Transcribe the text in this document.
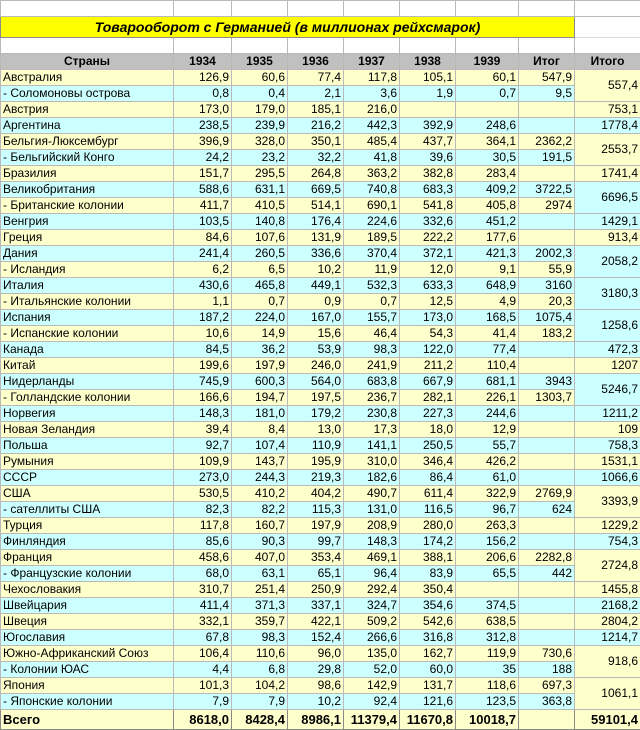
Товарооборот с Германией (в миллионах рейхсмарок)								

Страны	1934	1935	1936	1937	1938	1939	Итог	Итого
Австралия	126,9	60,6	77,4	117,8	105,1	60,1	547,9	557,4
- Соломоновы острова	0,8	0,4	2,1	3,6	1,9	0,7	9,5	
Австрия	173,0	179,0	185,1	216,0				753,1
Аргентина	238,5	239,9	216,2	442,3	392,9	248,6		1778,4
Бельгия-Люксембург	396,9	328,0	350,1	485,4	437,7	364,1	2362,2	2553,7
- Бельгийский Конго	24,2	23,2	32,2	41,8	39,6	30,5	191,5	
Бразилия	151,7	295,5	264,8	363,2	382,8	283,4		1741,4
Великобритания	588,6	631,1	669,5	740,8	683,3	409,2	3722,5	6696,5
- Британские колонии	411,7	410,5	514,1	690,1	541,8	405,8	2974	
Венгрия	103,5	140,8	176,4	224,6	332,6	451,2		1429,1
Греция	84,6	107,6	131,9	189,5	222,2	177,6		913,4
Дания	241,4	260,5	336,6	370,4	372,1	421,3	2002,3	2058,2
- Исландия	6,2	6,5	10,2	11,9	12,0	9,1	55,9	
Италия	430,6	465,8	449,1	532,3	633,3	648,9	3160	3180,3
- Итальянские колонии	1,1	0,7	0,9	0,7	12,5	4,9	20,3	
Испания	187,2	224,0	167,0	155,7	173,0	168,5	1075,4	1258,6
- Испанские колонии	10,6	14,9	15,6	46,4	54,3	41,4	183,2	
Канада	84,5	36,2	53,9	98,3	122,0	77,4		472,3
Китай	199,6	197,9	246,0	241,9	211,2	110,4		1207
Нидерланды	745,9	600,3	564,0	683,8	667,9	681,1	3943	5246,7
- Голландские колонии	166,6	194,7	197,5	236,7	282,1	226,1	1303,7	
Норвегия	148,3	181,0	179,2	230,8	227,3	244,6		1211,2
Новая Зеландия	39,4	8,4	13,0	17,3	18,0	12,9		109
Польша	92,7	107,4	110,9	141,1	250,5	55,7		758,3
Румыния	109,9	143,7	195,9	310,0	346,4	426,2		1531,1
СССР	273,0	244,3	219,3	182,6	86,4	61,0		1066,6
США	530,5	410,2	404,2	490,7	611,4	322,9	2769,9	3393,9
- сателлиты США	82,3	82,2	115,3	131,0	116,5	96,7	624	
Турция	117,8	160,7	197,9	208,9	280,0	263,3		1229,2
Финляндия	85,6	90,3	99,7	148,3	174,2	156,2		754,3
Франция	458,6	407,0	353,4	469,1	388,1	206,6	2282,8	2724,8
- Французские колонии	68,0	63,1	65,1	96,4	83,9	65,5	442	
Чехословакия	310,7	251,4	250,9	292,4	350,4			1455,8
Швейцария	411,4	371,3	337,1	324,7	354,6	374,5		2168,2
Швеция	332,1	359,7	422,1	509,2	542,6	638,5		2804,2
Югославия	67,8	98,3	152,4	266,6	316,8	312,8		1214,7
Южно-Африканский Союз	106,4	110,6	96,0	135,0	162,7	119,9	730,6	918,6
- Колонии ЮАС	4,4	6,8	29,8	52,0	60,0	35	188	
Япония	101,3	104,2	98,6	142,9	131,7	118,6	697,3	1061,1
- Японские колонии	7,9	7,9	10,2	92,4	121,6	123,5	363,8	
Всего	8618,0	8428,4	8986,1	11379,4	11670,8	10018,7		59101,4
